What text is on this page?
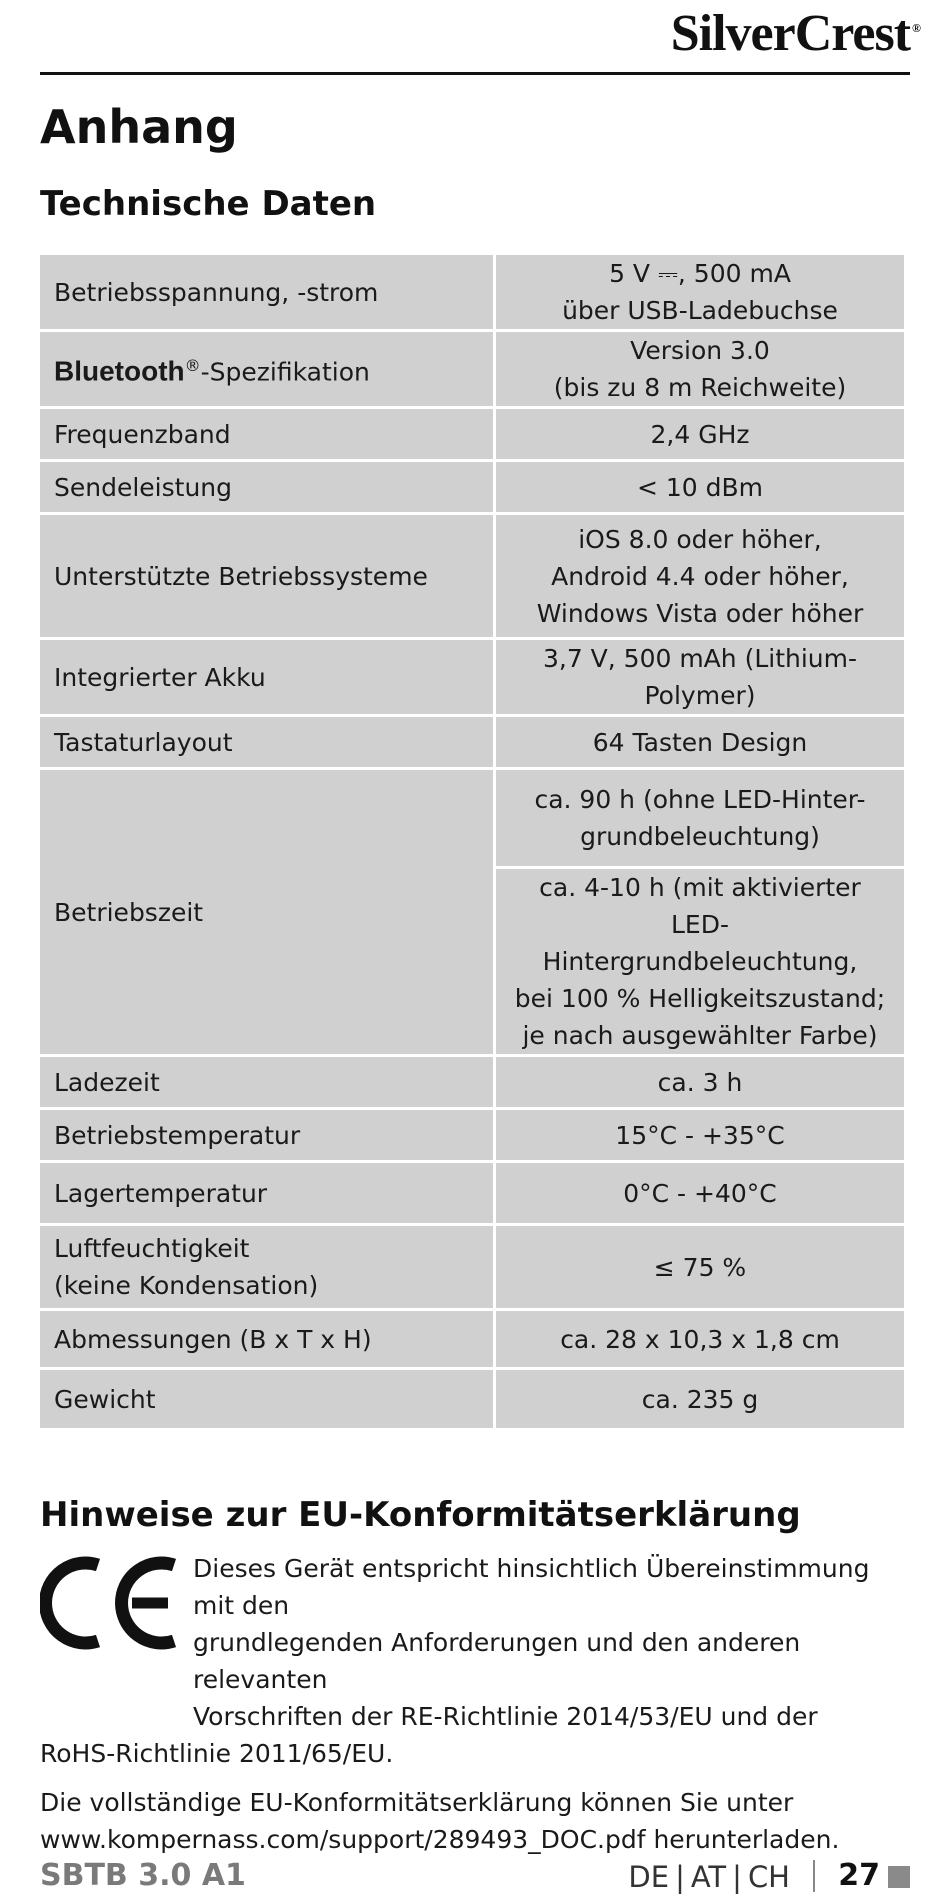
SilverCrest ®
Anhang
Technische Daten
Betriebsspannung, -strom	5 V ⎓, 500 mA
über USB-Ladebuchse

Bluetooth®-Spezifikation	Version 3.0
(bis zu 8 m Reichweite)

Frequenzband	2,4 GHz
Sendeleistung	< 10 dBm
Unterstützte Betriebssysteme	iOS 8.0 oder höher,
Android 4.4 oder höher,
Windows Vista oder höher

Integrierter Akku	3,7 V, 500 mAh (Lithium-Polymer)
Tastaturlayout	64 Tasten Design
Betriebszeit	ca. 90 h (ohne LED-Hinter-
grundbeleuchtung)

	ca. 4-10 h (mit aktivierter LED-
Hintergrundbeleuchtung,
bei 100 % Helligkeitszustand;
je nach ausgewählter Farbe)

Ladezeit	ca. 3 h
Betriebstemperatur	15°C - +35°C
Lagertemperatur	0°C - +40°C

Luftfeuchtigkeit
(keine Kondensation)	≤ 75 %
Abmessungen (B x T x H)	ca. 28 x 10,3 x 1,8 cm
Gewicht	ca. 235 g
Hinweise zur EU-Konformitätserklärung
Dieses Gerät entspricht hinsichtlich Übereinstimmung mit den
grundlegenden Anforderungen und den anderen relevanten
Vorschriften der RE-Richtlinie 2014/53/EU und der
RoHS-Richtlinie 2011/65/EU.
Die vollständige EU-Konformitätserklärung können Sie unter
www.kompernass.com/support/289493_DOC.pdf herunterladen.
SBTB 3.0 A1	DE | AT | CH 27
